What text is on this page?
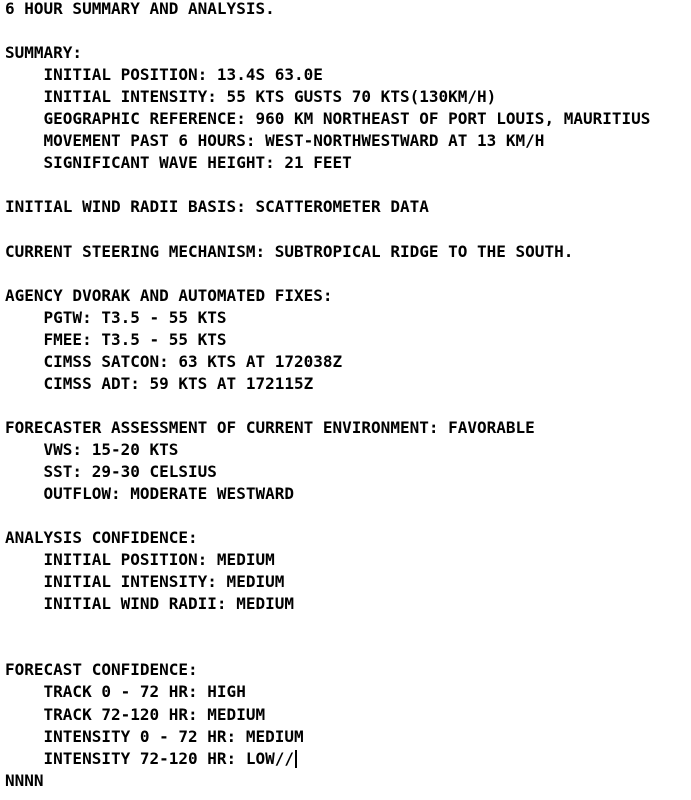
6 HOUR SUMMARY AND ANALYSIS.
SUMMARY:
INITIAL POSITION: 13.4S 63.0E
INITIAL INTENSITY: 55 KTS GUSTS 70 KTS(130KM/H)
GEOGRAPHIC REFERENCE: 960 KM NORTHEAST OF PORT LOUIS, MAURITIUS
MOVEMENT PAST 6 HOURS: WEST-NORTHWESTWARD AT 13 KM/H
SIGNIFICANT WAVE HEIGHT: 21 FEET
INITIAL WIND RADII BASIS: SCATTEROMETER DATA
CURRENT STEERING MECHANISM: SUBTROPICAL RIDGE TO THE SOUTH.
AGENCY DVORAK AND AUTOMATED FIXES:
PGTW: T3.5 - 55 KTS
FMEE: T3.5 - 55 KTS
CIMSS SATCON: 63 KTS AT 172038Z
CIMSS ADT: 59 KTS AT 172115Z
FORECASTER ASSESSMENT OF CURRENT ENVIRONMENT: FAVORABLE
VWS: 15-20 KTS
SST: 29-30 CELSIUS
OUTFLOW: MODERATE WESTWARD
ANALYSIS CONFIDENCE:
INITIAL POSITION: MEDIUM
INITIAL INTENSITY: MEDIUM
INITIAL WIND RADII: MEDIUM
FORECAST CONFIDENCE:
TRACK 0 - 72 HR: HIGH
TRACK 72-120 HR: MEDIUM
INTENSITY 0 - 72 HR: MEDIUM
INTENSITY 72-120 HR: LOW//
NNNN
